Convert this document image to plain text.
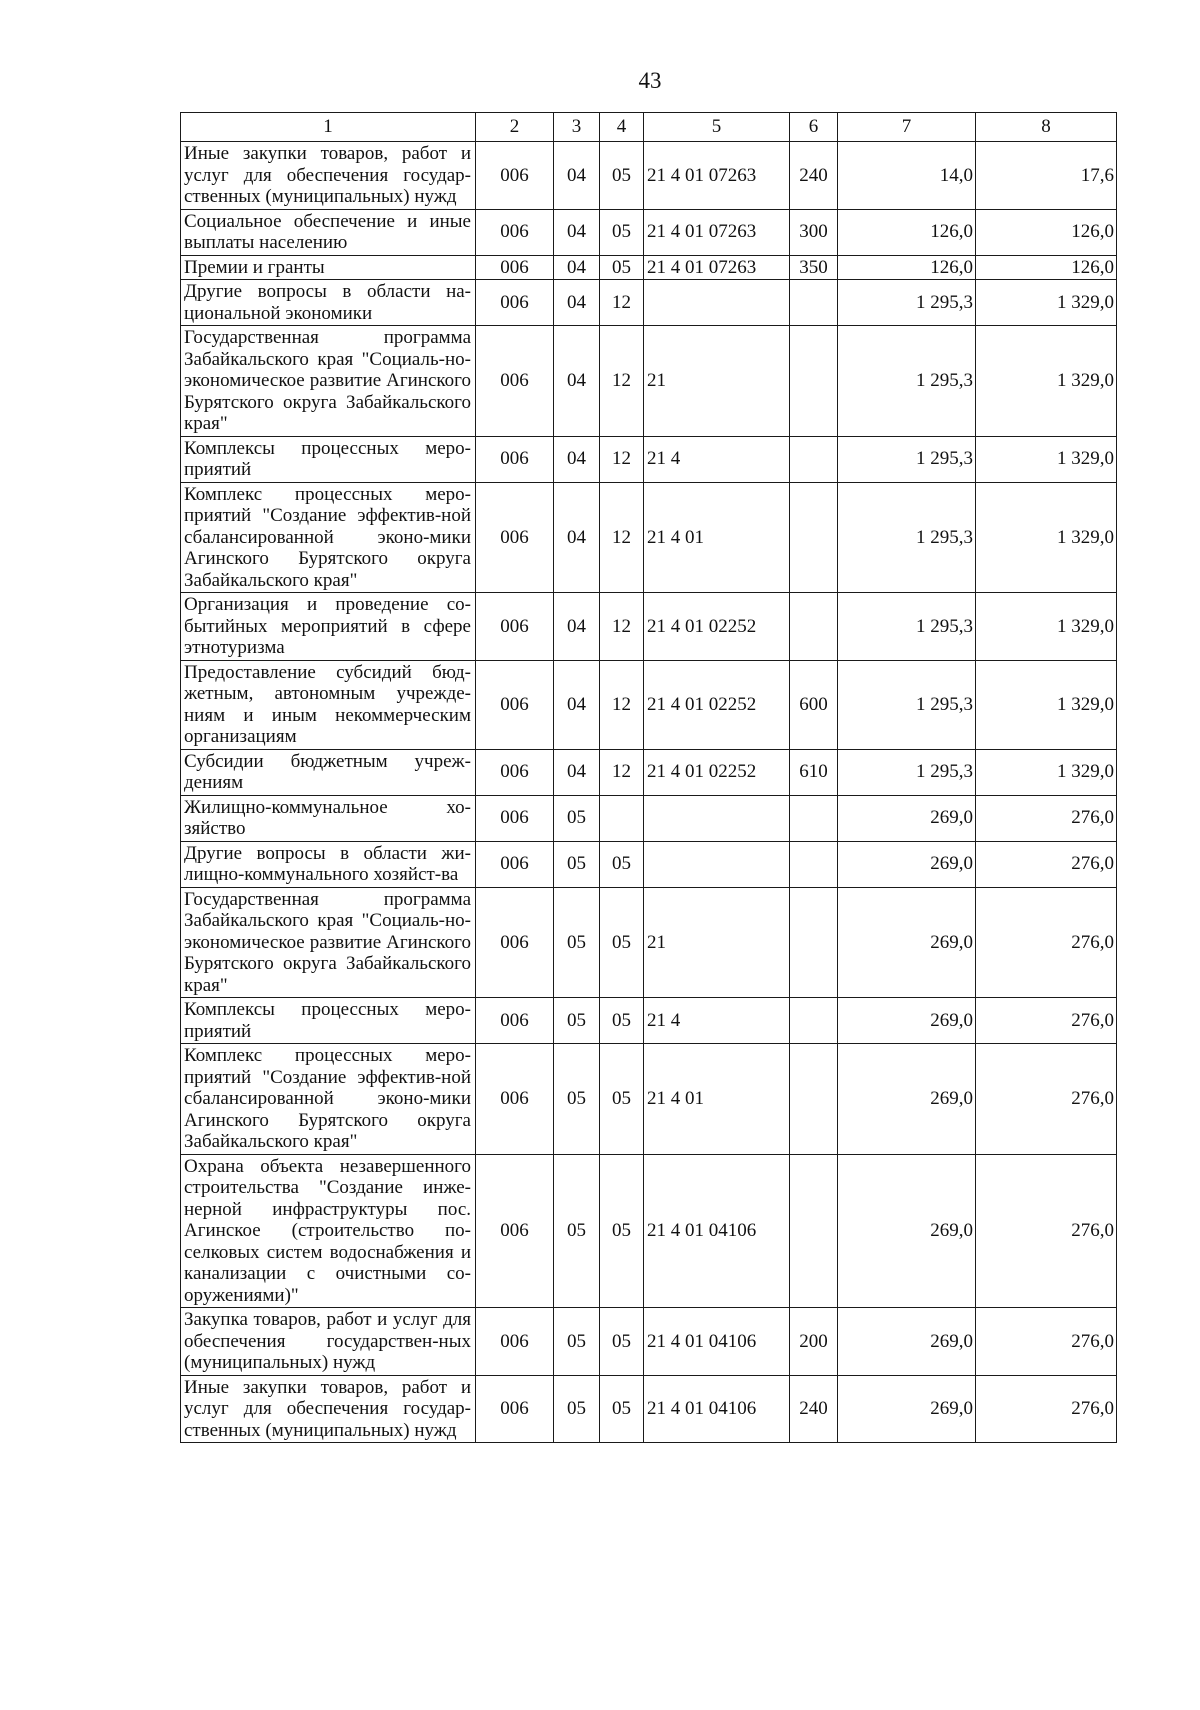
43
1	2	3	4	5	6	7	8
Иные закупки товаров, работ и услуг для обеспечения государ-ственных (муниципальных) нужд	006	04	05	21 4 01 07263	240	14,0	17,6
Социальное обеспечение и иные выплаты населению	006	04	05	21 4 01 07263	300	126,0	126,0
Премии и гранты	006	04	05	21 4 01 07263	350	126,0	126,0
Другие вопросы в области на-циональной экономики	006	04	12			1 295,3	1 329,0
Государственная программа Забайкальского края "Социаль-но-экономическое развитие Агинского Бурятского округа Забайкальского края"	006	04	12	21		1 295,3	1 329,0
Комплексы процессных меро-приятий	006	04	12	21 4		1 295,3	1 329,0
Комплекс процессных меро-приятий "Создание эффектив-ной сбалансированной эконо-мики Агинского Бурятского округа Забайкальского края"	006	04	12	21 4 01		1 295,3	1 329,0
Организация и проведение со-бытийных мероприятий в сфере этнотуризма	006	04	12	21 4 01 02252		1 295,3	1 329,0
Предоставление субсидий бюд-жетным, автономным учрежде-ниям и иным некоммерческим организациям	006	04	12	21 4 01 02252	600	1 295,3	1 329,0
Субсидии бюджетным учреж-дениям	006	04	12	21 4 01 02252	610	1 295,3	1 329,0
Жилищно-коммунальное хо-зяйство	006	05				269,0	276,0
Другие вопросы в области жи-лищно-коммунального хозяйст-ва	006	05	05			269,0	276,0
Государственная программа Забайкальского края "Социаль-но-экономическое развитие Агинского Бурятского округа Забайкальского края"	006	05	05	21		269,0	276,0
Комплексы процессных меро-приятий	006	05	05	21 4		269,0	276,0
Комплекс процессных меро-приятий "Создание эффектив-ной сбалансированной эконо-мики Агинского Бурятского округа Забайкальского края"	006	05	05	21 4 01		269,0	276,0
Охрана объекта незавершенного строительства "Создание инже-нерной инфраструктуры пос. Агинское (строительство по-селковых систем водоснабжения и канализации с очистными со-оружениями)"	006	05	05	21 4 01 04106		269,0	276,0
Закупка товаров, работ и услуг для обеспечения государствен-ных (муниципальных) нужд	006	05	05	21 4 01 04106	200	269,0	276,0
Иные закупки товаров, работ и услуг для обеспечения государ-ственных (муниципальных) нужд	006	05	05	21 4 01 04106	240	269,0	276,0
